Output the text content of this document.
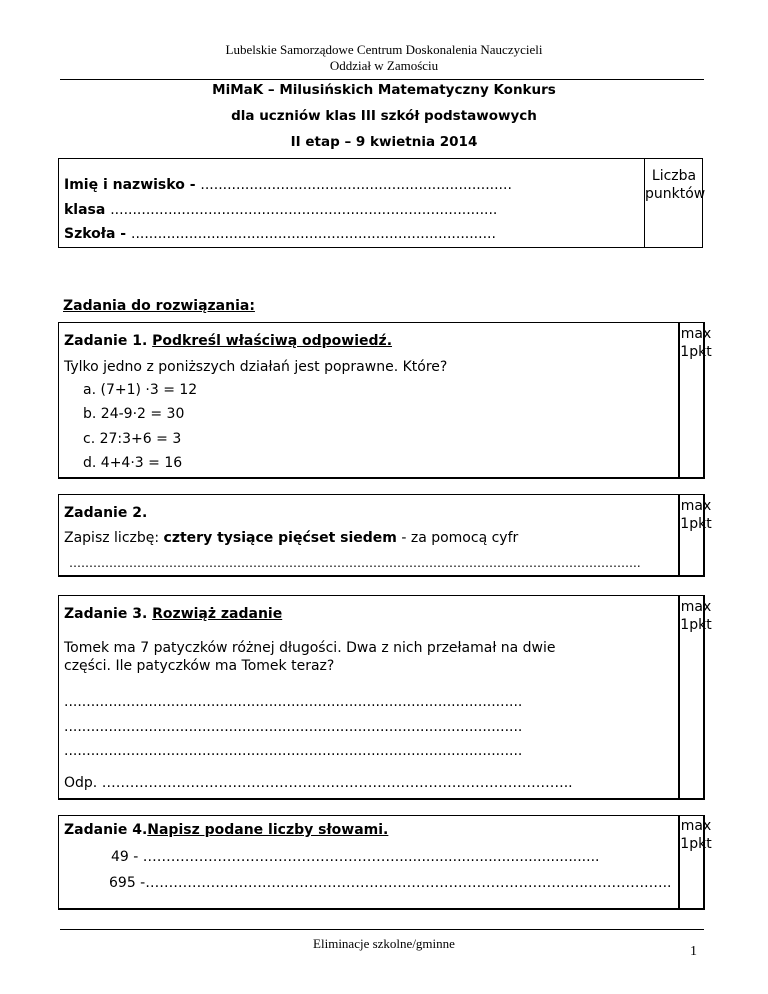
Lubelskie Samorządowe Centrum Doskonalenia Nauczycieli
Oddział w Zamościu
MiMaK – Milusińskich Matematyczny Konkurs
dla uczniów klas III szkół podstawowych
II etap – 9 kwietnia 2014
Imię i nazwisko - ......................................................................
klasa .......................................................................................
Szkoła - ..................................................................................
Liczba
punktów
Zadania do rozwiązania:
Zadanie 1. Podkreśl właściwą odpowiedź.
Tylko jedno z poniższych działań jest poprawne. Które?
a. (7+1) ·3 = 12
b. 24-9·2 = 30
c. 27:3+6 = 3
d. 4+4·3 = 16
max
1pkt
Zadanie 2.
Zapisz liczbę: cztery tysiące pięćset siedem - za pomocą cyfr
……………………………………………………………………………………………………………………………..
max
1pkt
Zadanie 3. Rozwiąż zadanie
Tomek ma 7 patyczków różnej długości. Dwa z nich przełamał na dwie
części. Ile patyczków ma Tomek teraz?
.......................................................................................................
.......................................................................................................
.......................................................................................................
Odp. ………………………………………………………………………………………..
max
1pkt
Zadanie 4.Napisz podane liczby słowami.
49 - ………………………………………………..............................................
695 -…………………………………………………………………………………..………….…..
max
1pkt
Eliminacje szkolne/gminne
1
